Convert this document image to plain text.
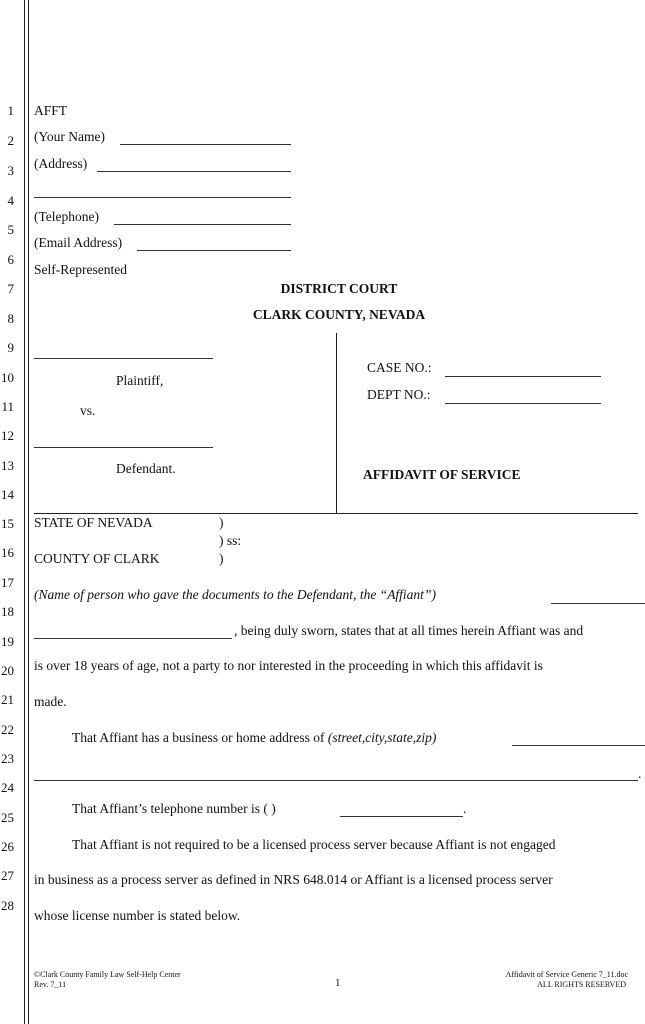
1
2
3
4
5
6
7
8
9
10
11
12
13
14
15
16
17
18
19
20
21
22
23
24
25
26
27
28
AFFT
(Your Name)
(Address)
(Telephone)
(Email Address)
Self-Represented
DISTRICT COURT
CLARK COUNTY, NEVADA
Plaintiff,
vs.
Defendant.
CASE NO.:
DEPT NO.:
AFFIDAVIT OF SERVICE
STATE OF NEVADA	)
) ss:
COUNTY OF CLARK	)
(Name of person who gave the documents to the Defendant, the “Affiant”)
, being duly sworn, states that at all times herein Affiant was and
is over 18 years of age, not a party to nor interested in the proceeding in which this affidavit is
made.
That Affiant has a business or home address of (street,city,state,zip)
.
That Affiant’s telephone number is ( )	.
That Affiant is not required to be a licensed process server because Affiant is not engaged
in business as a process server as defined in NRS 648.014 or Affiant is a licensed process server
whose license number is stated below.
©Clark County Family Law Self-Help Center
Rev. 7_11	1
Affidavit of Service Generic 7_11.doc
ALL RIGHTS RESERVED
